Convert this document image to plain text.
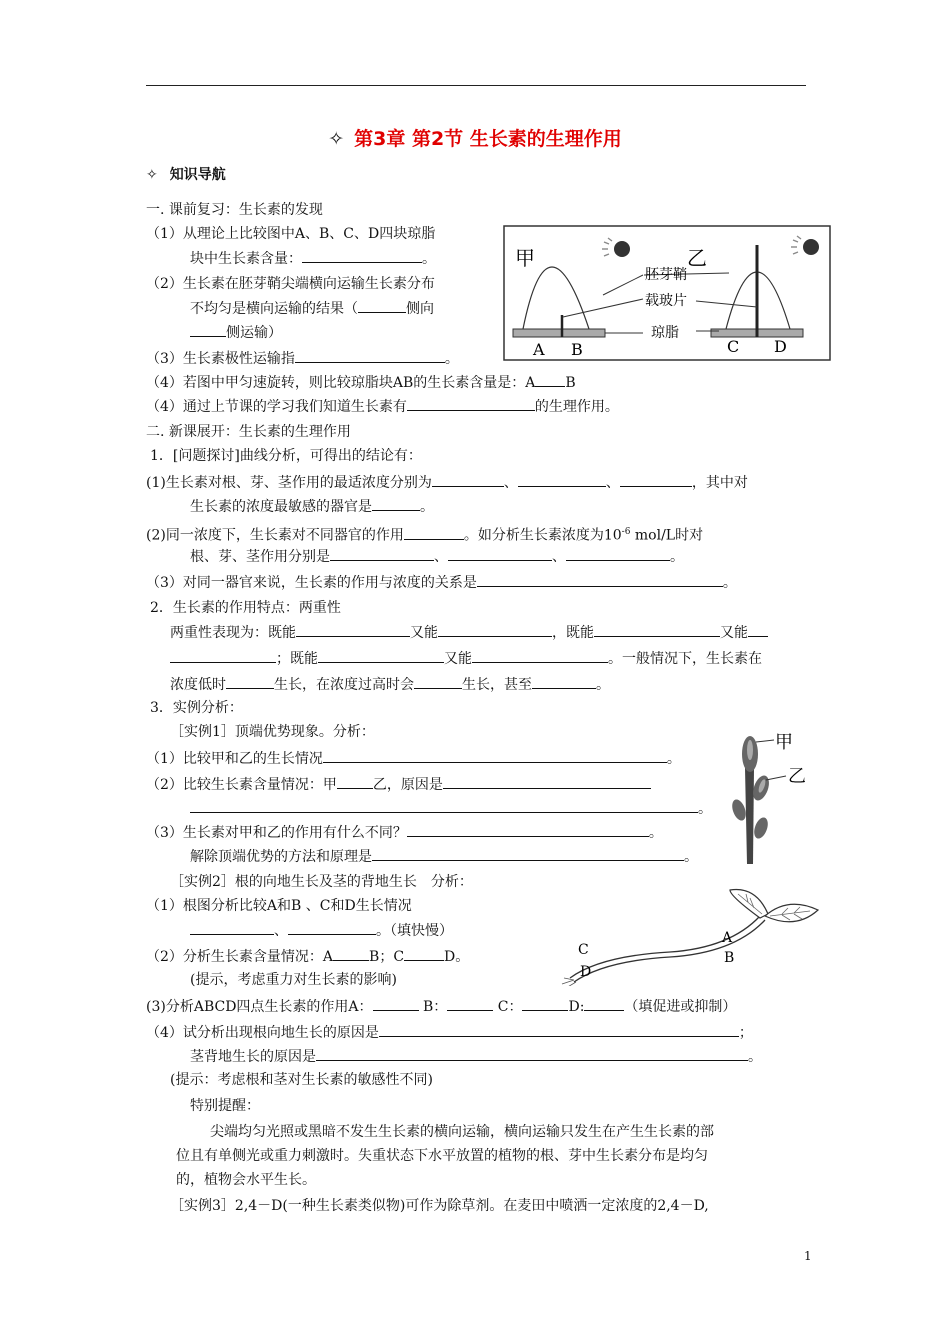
✧ 第3章 第2节 生长素的生理作用
✧ 知识导航
一. 课前复习：生长素的发现
（1）从理论上比较图中A、B、C、D四块琼脂
块中生长素含量：	。
（2）生长素在胚芽鞘尖端横向运输生长素分布
不均匀是横向运输的结果（	侧向
侧运输）
（3）生长素极性运输指	。
（4）若图中甲匀速旋转，则比较琼脂块AB的生长素含量是：A B
（4）通过上节课的学习我们知道生长素有	的生理作用。
甲	乙
胚芽鞘
载玻片
琼脂
A B	C D
二. 新课展开：生长素的生理作用
1．[问题探讨]曲线分析，可得出的结论有：
(1)生长素对根、芽、茎作用的最适浓度分别为	、	、	，其中对
生长素的浓度最敏感的器官是	。
(2)同一浓度下，生长素对不同器官的作用	。如分析生长素浓度为$10^{-6}$ mol/L时对
根、芽、茎作用分别是	、	、	。
（3）对同一器官来说，生长素的作用与浓度的关系是	。
2．生长素的作用特点：两重性
两重性表现为：既能	又能	，既能	又能
；既能	又能	。一般情况下，生长素在
浓度低时	生长，在浓度过高时会	生长，甚至	。
3．实例分析：
［实例1］顶端优势现象。分析：
（1）比较甲和乙的生长情况	。
（2）比较生长素含量情况：甲	乙，原因是
。
（3）生长素对甲和乙的作用有什么不同？	。
解除顶端优势的方法和原理是	。
甲
乙
［实例2］根的向地生长及茎的背地生长　分析：
（1）根图分析比较A和B 、C和D生长情况
、	。（填快慢）
（2）分析生长素含量情况：A	B；C	D。
(提示，考虑重力对生长素的影响)
(3)分析ABCD四点生长素的作用A：	B：	C：	D:	（填促进或抑制）
（4）试分析出现根向地生长的原因是	；
茎背地生长的原因是	。
(提示：考虑根和茎对生长素的敏感性不同)
C
D
A
B
特别提醒：
尖端均匀光照或黑暗不发生生长素的横向运输，横向运输只发生在产生生长素的部
位且有单侧光或重力刺激时。失重状态下水平放置的植物的根、芽中生长素分布是均匀
的，植物会水平生长。
［实例3］2,4－D(一种生长素类似物)可作为除草剂。在麦田中喷洒一定浓度的2,4－D,
1
